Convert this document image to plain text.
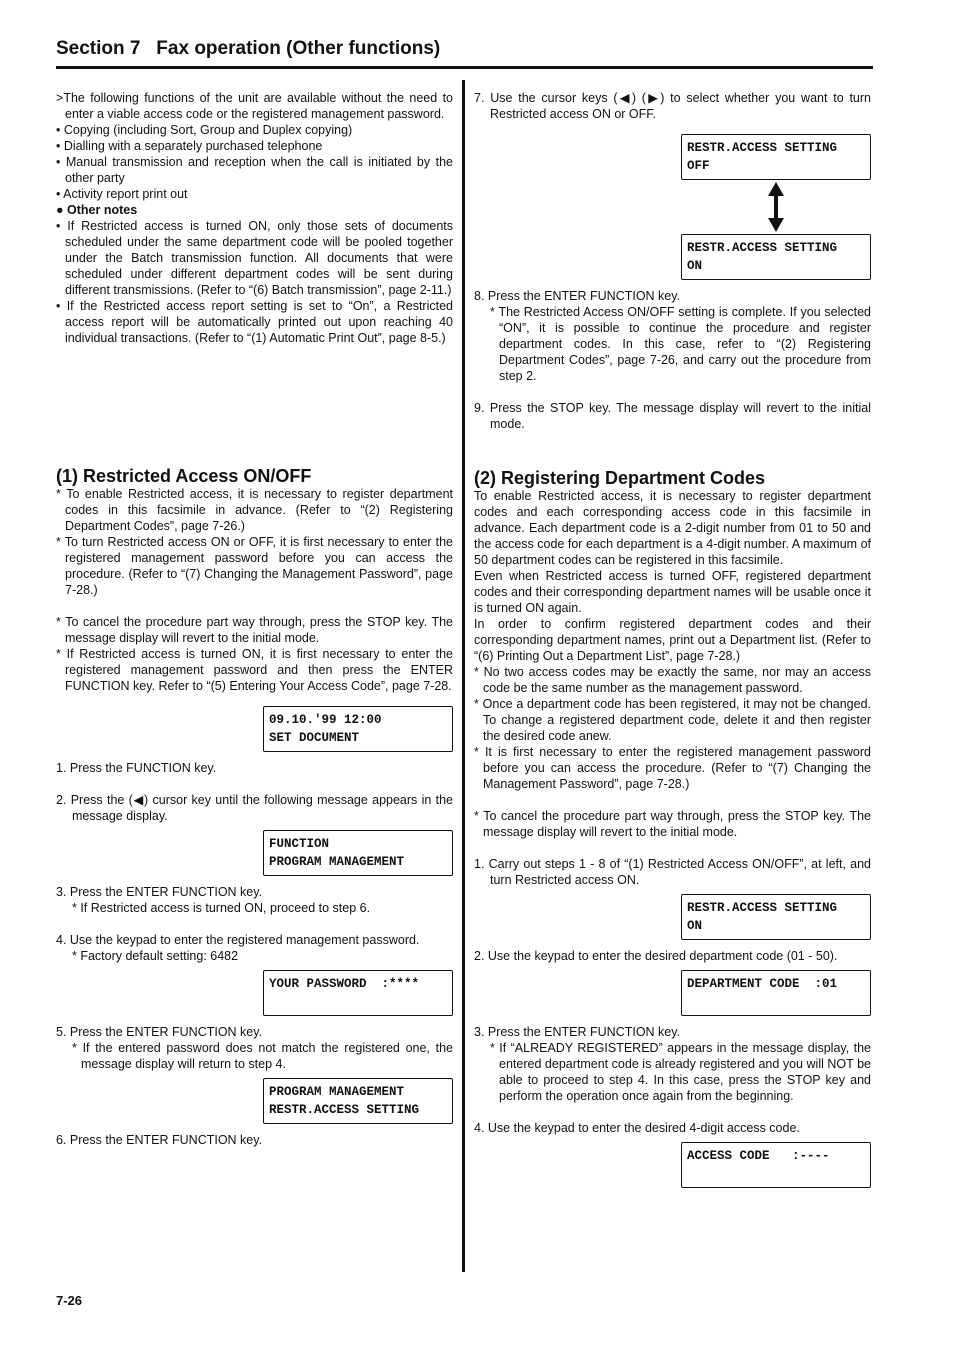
Section 7   Fax operation (Other functions)

>The following functions of the unit are available without the need to enter a viable access code or the registered management password.

• Copying (including Sort, Group and Duplex copying)

• Dialling with a separately purchased telephone

• Manual transmission and reception when the call is initiated by the other party

• Activity report print out

● Other notes

• If Restricted access is turned ON, only those sets of documents scheduled under the same department code will be pooled together under the Batch transmission function. All documents that were scheduled under different department codes will be sent during different transmissions. (Refer to “(6) Batch transmission”, page 2-11.)

• If the Restricted access report setting is set to “On”, a Restricted access report will be automatically printed out upon reaching 40 individual transactions. (Refer to “(1) Automatic Print Out”, page 8-5.)

(1) Restricted Access ON/OFF

* To enable Restricted access, it is necessary to register department codes in this facsimile in advance. (Refer to “(2) Registering Department Codes”, page 7-26.)

* To turn Restricted access ON or OFF, it is first necessary to enter the registered management password before you can access the procedure. (Refer to “(7) Changing the Management Password”, page 7-28.)

* To cancel the procedure part way through, press the STOP key. The message display will revert to the initial mode.

* If Restricted access is turned ON, it is first necessary to enter the registered management password and then press the ENTER FUNCTION key. Refer to “(5) Entering Your Access Code”, page 7-28.

09.10.'99 12:00
SET DOCUMENT

1. Press the FUNCTION key.

2. Press the (◀) cursor key until the following message appears in the message display.

FUNCTION
PROGRAM MANAGEMENT

3. Press the ENTER FUNCTION key.

* If Restricted access is turned ON, proceed to step 6.

4. Use the keypad to enter the registered management password.

* Factory default setting: 6482

YOUR PASSWORD  :****

5. Press the ENTER FUNCTION key.

* If the entered password does not match the registered one, the message display will return to step 4.

PROGRAM MANAGEMENT
RESTR.ACCESS SETTING

6. Press the ENTER FUNCTION key.

7. Use the cursor keys (◀) (▶) to select whether you want to turn Restricted access ON or OFF.

RESTR.ACCESS SETTING
OFF
RESTR.ACCESS SETTING
ON

8. Press the ENTER FUNCTION key.

* The Restricted Access ON/OFF setting is complete. If you selected “ON”, it is possible to continue the procedure and register department codes. In this case, refer to “(2) Registering Department Codes”, page 7-26, and carry out the procedure from step 2.

9. Press the STOP key. The message display will revert to the initial mode.

(2) Registering Department Codes

To enable Restricted access, it is necessary to register department codes and each corresponding access code in this facsimile in advance. Each department code is a 2-digit number from 01 to 50 and the access code for each department is a 4-digit number. A maximum of 50 department codes can be registered in this facsimile.

Even when Restricted access is turned OFF, registered department codes and their corresponding department names will be usable once it is turned ON again.

In order to confirm registered department codes and their corresponding department names, print out a Department list. (Refer to “(6) Printing Out a Department List”, page 7-28.)

* No two access codes may be exactly the same, nor may an access code be the same number as the management password.

* Once a department code has been registered, it may not be changed. To change a registered department code, delete it and then register the desired code anew.

* It is first necessary to enter the registered management password before you can access the procedure. (Refer to “(7) Changing the Management Password”, page 7-28.)

* To cancel the procedure part way through, press the STOP key. The message display will revert to the initial mode.

1. Carry out steps 1 - 8 of “(1) Restricted Access ON/OFF”, at left, and turn Restricted access ON.

RESTR.ACCESS SETTING
ON

2. Use the keypad to enter the desired department code (01 - 50).

DEPARTMENT CODE  :01

3. Press the ENTER FUNCTION key.

* If “ALREADY REGISTERED” appears in the message display, the entered department code is already registered and you will NOT be able to proceed to step 4. In this case, press the STOP key and perform the operation once again from the beginning.

4. Use the keypad to enter the desired 4-digit access code.

ACCESS CODE   :----
7-26
